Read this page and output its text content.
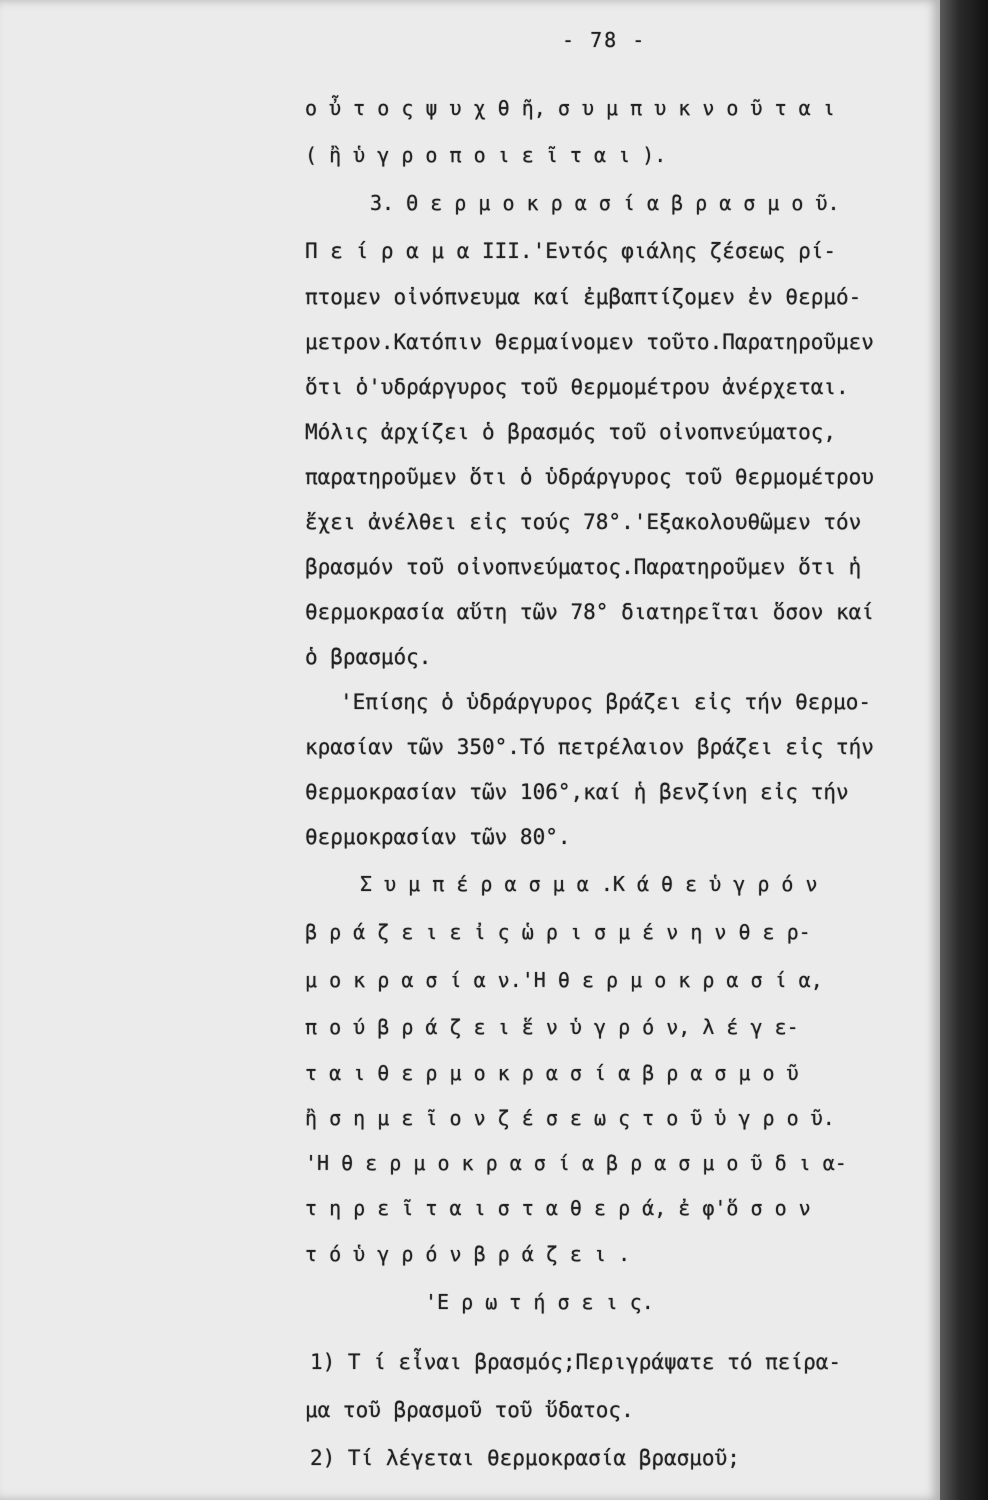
- 78 -
ο ὖ τ ο ς ψ υ χ θ ῆ, σ υ μ π υ κ ν ο ῦ τ α ι
( ἢ ὑ γ ρ ο π ο ι ε ῖ τ α ι ).
3. Θ ε ρ μ ο κ ρ α σ ί α β ρ α σ μ ο ῦ.
Π ε ί ρ α μ α III.'Εντός φιάλης ζέσεως ρί-
πτομεν οἰνόπνευμα καί ἐμβαπτίζομεν ἐν θερμό-
μετρον.Κατόπιν θερμαίνομεν τοῦτο.Παρατηροῦμεν
ὅτι ὁ'υδράργυρος τοῦ θερμομέτρου ἀνέρχεται.
Μόλις ἀρχίζει ὁ βρασμός τοῦ οἰνοπνεύματος,
παρατηροῦμεν ὅτι ὁ ὑδράργυρος τοῦ θερμομέτρου
ἔχει ἀνέλθει εἰς τούς 78°.'Εξακολουθῶμεν τόν
βρασμόν τοῦ οἰνοπνεύματος.Παρατηροῦμεν ὅτι ἡ
θερμοκρασία αὕτη τῶν 78° διατηρεῖται ὅσον καί
ὁ βρασμός.
'Επίσης ὁ ὑδράργυρος βράζει εἰς τήν θερμο-
κρασίαν τῶν 350°.Τό πετρέλαιον βράζει εἰς τήν
θερμοκρασίαν τῶν 106°,καί ἡ βενζίνη εἰς τήν
θερμοκρασίαν τῶν 80°.
Σ υ μ π έ ρ α σ μ α .Κ ά θ ε ὑ γ ρ ό ν
β ρ ά ζ ε ι ε ἰ ς ὡ ρ ι σ μ έ ν η ν θ ε ρ-
μ ο κ ρ α σ ί α ν.'Η θ ε ρ μ ο κ ρ α σ ί α,
π ο ύ β ρ ά ζ ε ι ἕ ν ὑ γ ρ ό ν, λ έ γ ε-
τ α ι θ ε ρ μ ο κ ρ α σ ί α β ρ α σ μ ο ῦ
ἢ σ η μ ε ῖ ο ν ζ έ σ ε ω ς τ ο ῦ ὑ γ ρ ο ῦ.
'Η θ ε ρ μ ο κ ρ α σ ί α β ρ α σ μ ο ῦ δ ι α-
τ η ρ ε ῖ τ α ι σ τ α θ ε ρ ά, ἐ φ'ὅ σ ο ν
τ ό ὑ γ ρ ό ν β ρ ά ζ ε ι .
'Ε ρ ω τ ή σ ε ι ς.
1) Τ ί εἶναι βρασμός;Περιγράψατε τό πείρα-
μα τοῦ βρασμοῦ τοῦ ὕδατος.
2) Τί λέγεται θερμοκρασία βρασμοῦ;
